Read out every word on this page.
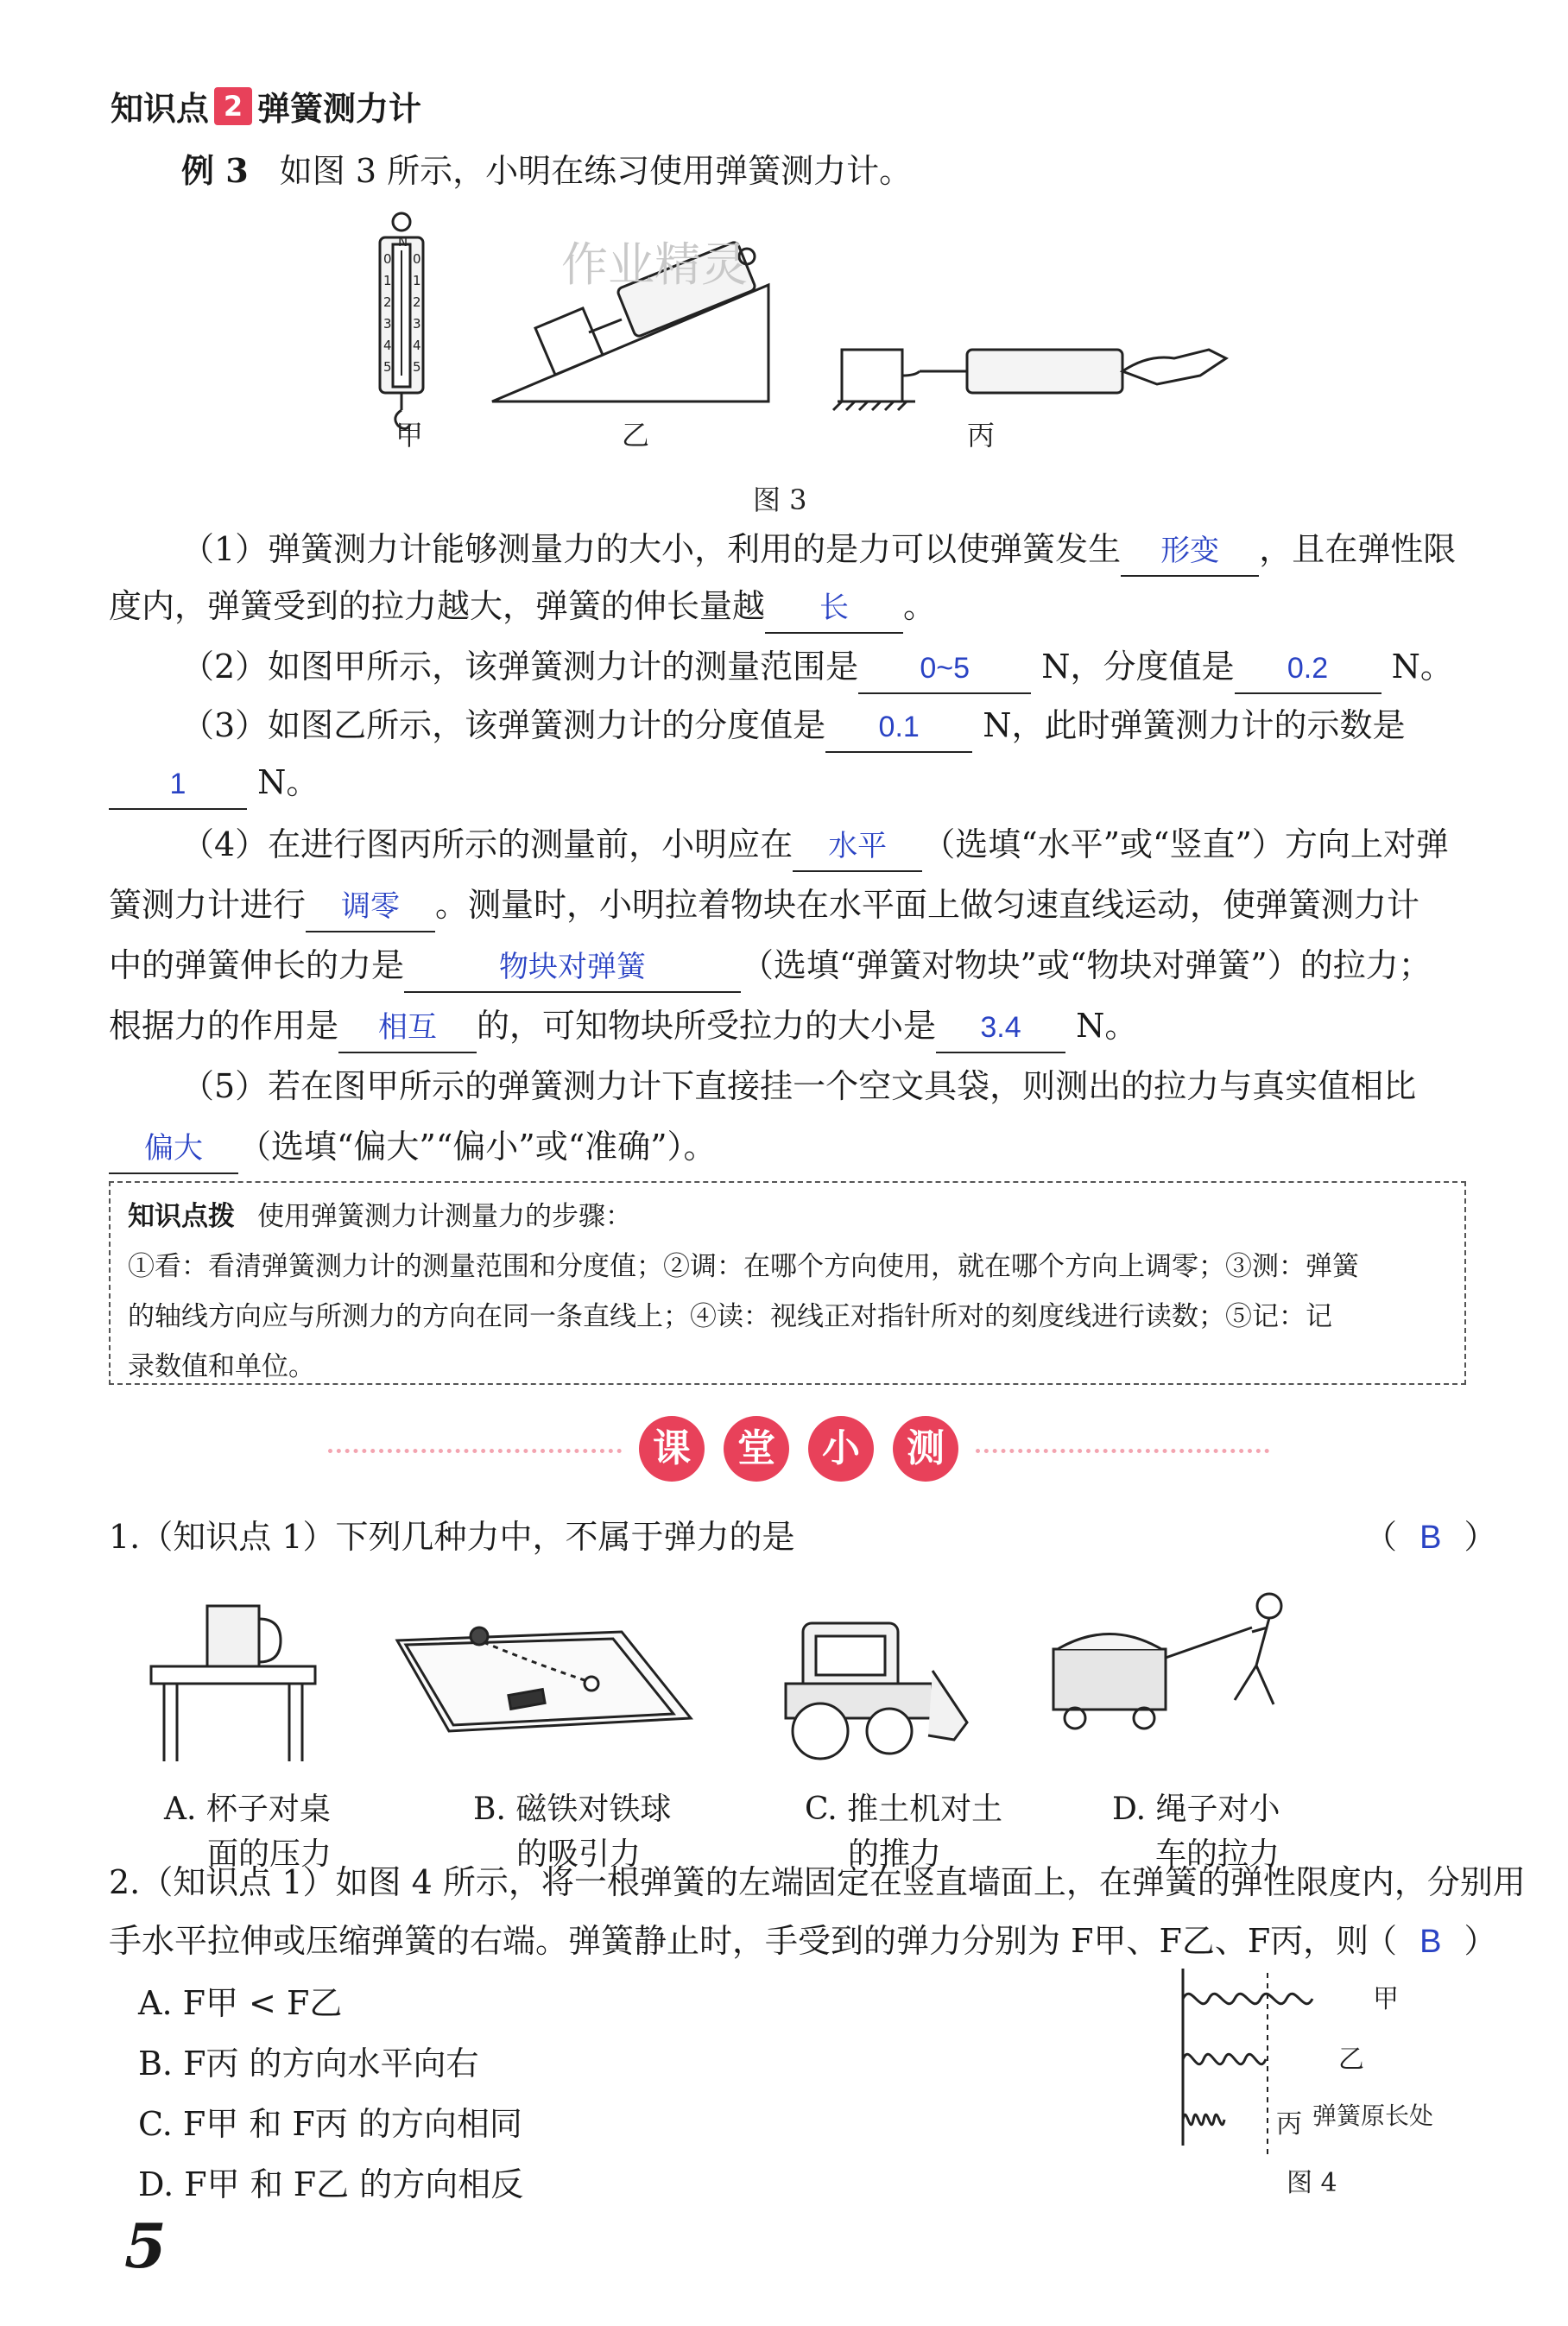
知识点 2 弹簧测力计
例 3 如图 3 所示，小明在练习使用弹簧测力计。
N
0 0
1 1
2 2
3 3
4 4
5 5
作业精灵
甲	乙	丙
图 3
（1）弹簧测力计能够测量力的大小，利用的是力可以使弹簧发生 形变 ，且在弹性限
度内，弹簧受到的拉力越大，弹簧的伸长量越 长 。
（2）如图甲所示，该弹簧测力计的测量范围是 0~5 N，分度值是 0.2 N。
（3）如图乙所示，该弹簧测力计的分度值是 0.1 N，此时弹簧测力计的示数是
1 N。
（4）在进行图丙所示的测量前，小明应在 水平 （选填“水平”或“竖直”）方向上对弹
簧测力计进行 调零 。测量时，小明拉着物块在水平面上做匀速直线运动，使弹簧测力计
中的弹簧伸长的力是	物块对弹簧	（选填“弹簧对物块”或“物块对弹簧”）的拉力；
根据力的作用是 相互 的，可知物块所受拉力的大小是 3.4 N。
（5）若在图甲所示的弹簧测力计下直接挂一个空文具袋，则测出的拉力与真实值相比
偏大 （选填“偏大”“偏小”或“准确”）。
知识点拨 使用弹簧测力计测量力的步骤：
①看：看清弹簧测力计的测量范围和分度值；②调：在哪个方向使用，就在哪个方向上调零；③测：弹簧
的轴线方向应与所测力的方向在同一条直线上；④读：视线正对指针所对的刻度线进行读数；⑤记：记
录数值和单位。
课	堂	小	测
1.（知识点 1）下列几种力中，不属于弹力的是	（ B ）
A. 杯子对桌
面的压力
B. 磁铁对铁球
的吸引力
C. 推土机对土
的推力
D. 绳子对小
车的拉力
2.（知识点 1）如图 4 所示，将一根弹簧的左端固定在竖直墙面上，在弹簧的弹性限度内，分别用
手水平拉伸或压缩弹簧的右端。弹簧静止时，手受到的弹力分别为 F甲、F乙、F丙，则
（ B ）
A. F甲 < F乙
B. F丙 的方向水平向右
C. F甲 和 F丙 的方向相同
D. F甲 和 F乙 的方向相反
甲
乙
丙 弹簧原长处
图 4
5
